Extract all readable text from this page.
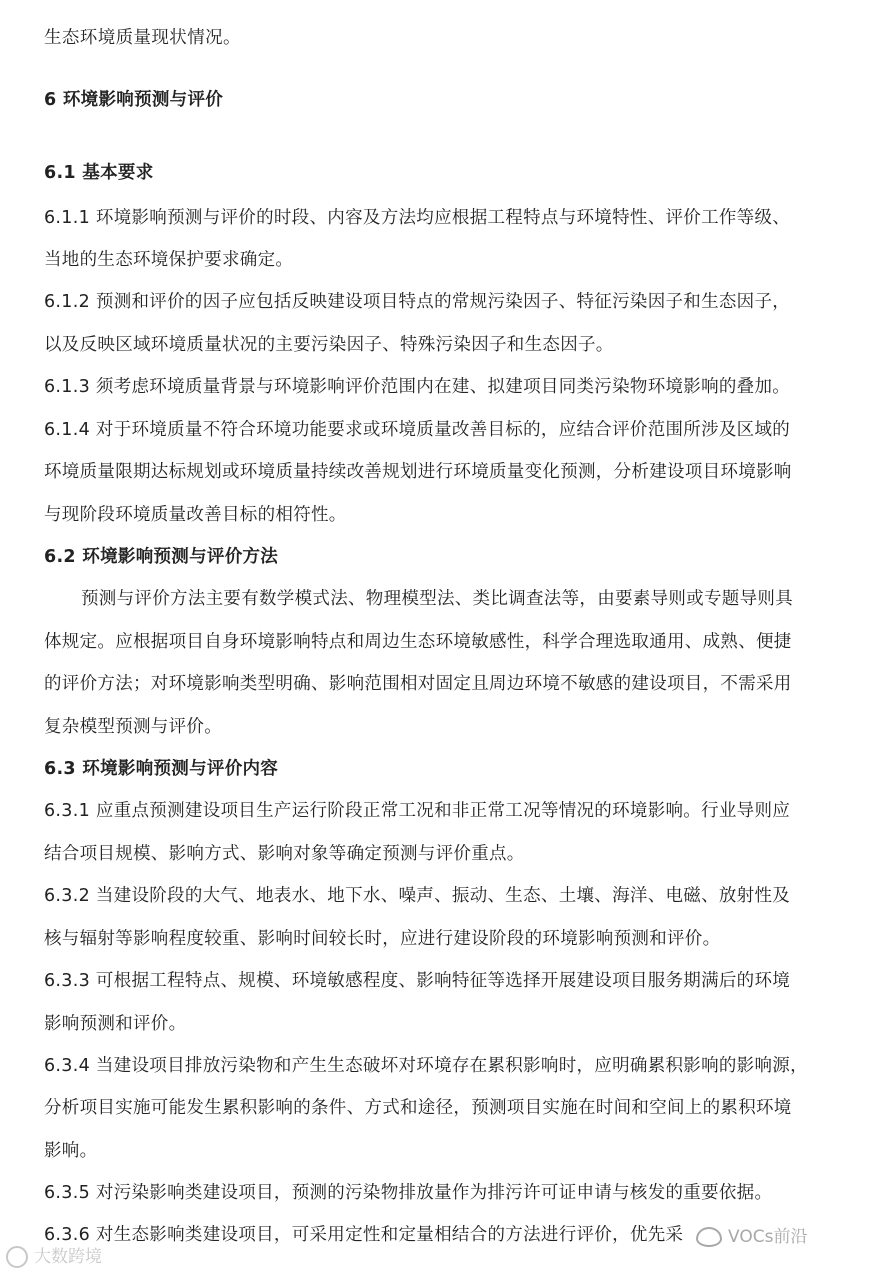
生态环境质量现状情况。
6 环境影响预测与评价
6.1 基本要求
6.1.1 环境影响预测与评价的时段、内容及方法均应根据工程特点与环境特性、评价工作等级、
当地的生态环境保护要求确定。
6.1.2 预测和评价的因子应包括反映建设项目特点的常规污染因子、特征污染因子和生态因子，
以及反映区域环境质量状况的主要污染因子、特殊污染因子和生态因子。
6.1.3 须考虑环境质量背景与环境影响评价范围内在建、拟建项目同类污染物环境影响的叠加。
6.1.4 对于环境质量不符合环境功能要求或环境质量改善目标的，应结合评价范围所涉及区域的
环境质量限期达标规划或环境质量持续改善规划进行环境质量变化预测，分析建设项目环境影响
与现阶段环境质量改善目标的相符性。
6.2 环境影响预测与评价方法
预测与评价方法主要有数学模式法、物理模型法、类比调查法等，由要素导则或专题导则具
体规定。应根据项目自身环境影响特点和周边生态环境敏感性，科学合理选取通用、成熟、便捷
的评价方法；对环境影响类型明确、影响范围相对固定且周边环境不敏感的建设项目，不需采用
复杂模型预测与评价。
6.3 环境影响预测与评价内容
6.3.1 应重点预测建设项目生产运行阶段正常工况和非正常工况等情况的环境影响。行业导则应
结合项目规模、影响方式、影响对象等确定预测与评价重点。
6.3.2 当建设阶段的大气、地表水、地下水、噪声、振动、生态、土壤、海洋、电磁、放射性及
核与辐射等影响程度较重、影响时间较长时，应进行建设阶段的环境影响预测和评价。
6.3.3 可根据工程特点、规模、环境敏感程度、影响特征等选择开展建设项目服务期满后的环境
影响预测和评价。
6.3.4 当建设项目排放污染物和产生生态破坏对环境存在累积影响时，应明确累积影响的影响源，
分析项目实施可能发生累积影响的条件、方式和途径，预测项目实施在时间和空间上的累积环境
影响。
6.3.5 对污染影响类建设项目，预测的污染物排放量作为排污许可证申请与核发的重要依据。
6.3.6 对生态影响类建设项目，可采用定性和定量相结合的方法进行评价，优先采
大数跨境
VOCs前沿
